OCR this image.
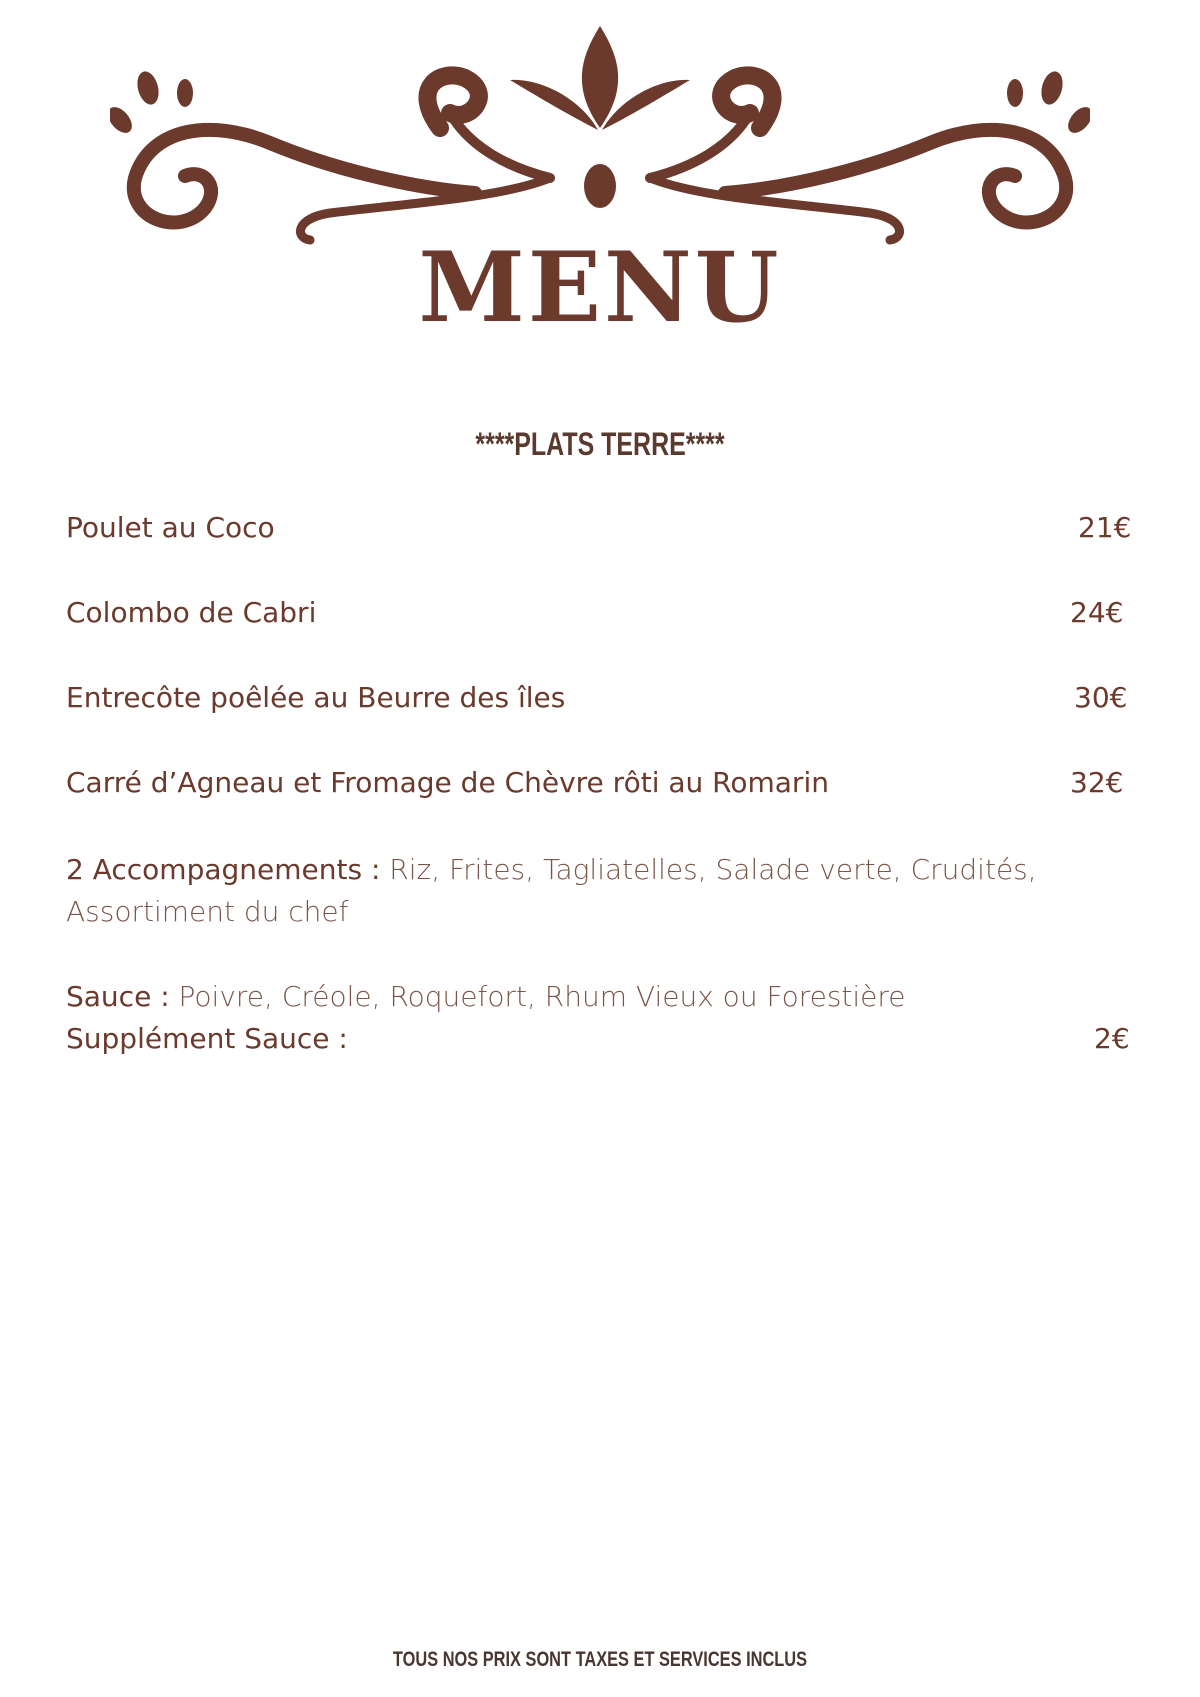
MENU
****PLATS TERRE****
Poulet au Coco	21€
Colombo de Cabri	24€
Entrecôte poêlée au Beurre des îles	30€
Carré d’Agneau et Fromage de Chèvre rôti au Romarin	32€
2 Accompagnements : Riz, Frites, Tagliatelles, Salade verte, Crudités,
Assortiment du chef
Sauce : Poivre, Créole, Roquefort, Rhum Vieux ou Forestière
Supplément Sauce :	2€
TOUS NOS PRIX SONT TAXES ET SERVICES INCLUS
